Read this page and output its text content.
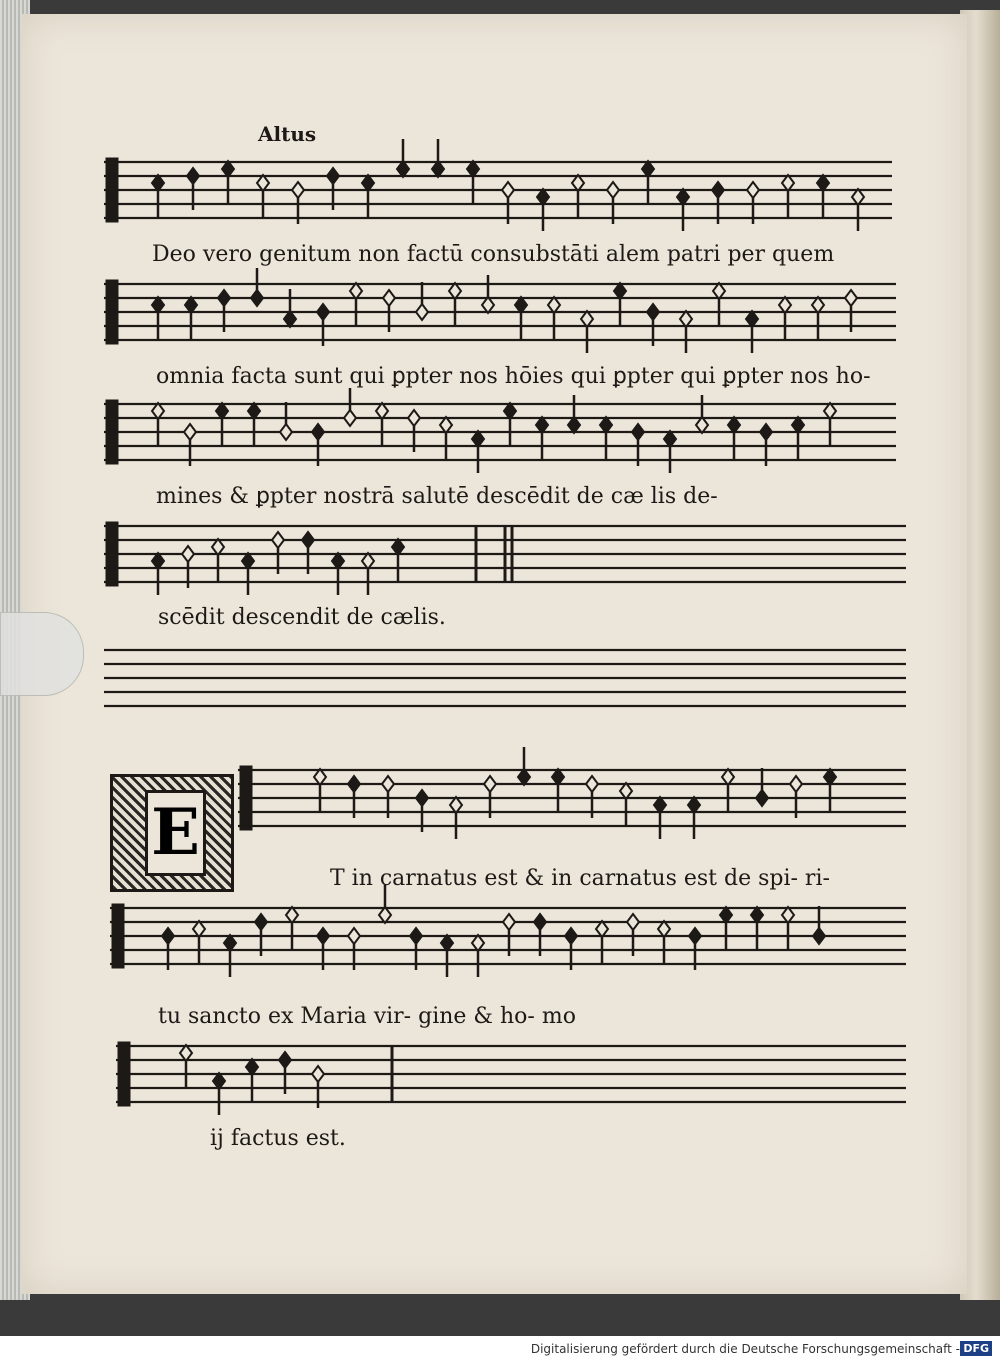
Altus
E
Deo vero genitum non factū consubstāti alem patri per quem
omnia facta sunt qui ꝑpter nos hōies qui ꝑpter qui ꝑpter nos ho-
mines & ꝑpter nostrā salutē descēdit de cæ lis de-
scēdit descendit de cælis.
T in carnatus est & in carnatus est de spi- ri-
tu sancto ex Maria vir- gine & ho- mo
ij factus est.
Digitalisierung gefördert durch die Deutsche Forschungsgemeinschaft - DFG
